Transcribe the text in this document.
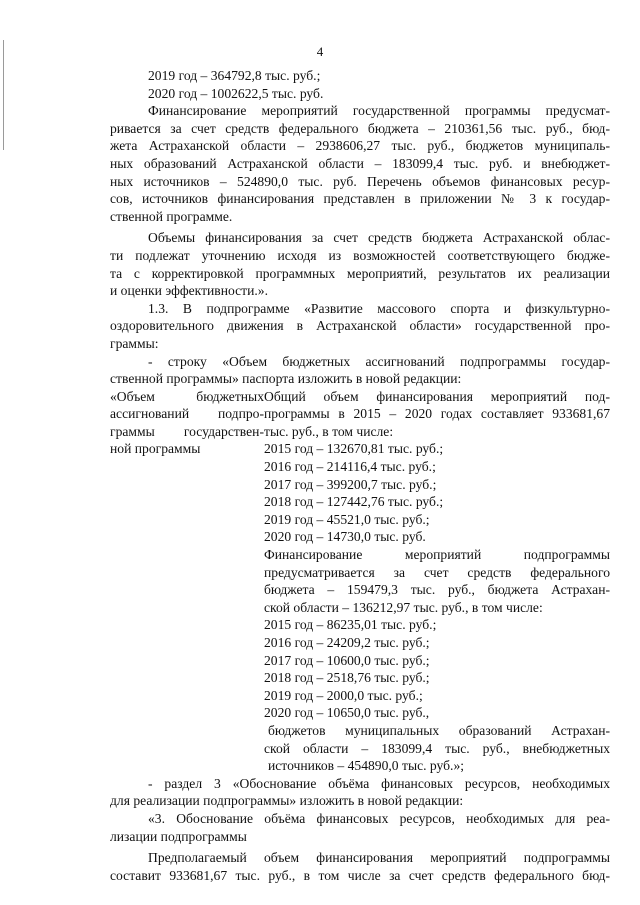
4
2019 год – 364792,8 тыс. руб.;
2020 год – 1002622,5 тыс. руб.
Финансирование мероприятий государственной программы предусмат-
ривается за счет средств федерального бюджета – 210361,56 тыс. руб., бюд-
жета Астраханской области – 2938606,27 тыс. руб., бюджетов муниципаль-
ных образований Астраханской области – 183099,4 тыс. руб. и внебюджет-
ных источников – 524890,0 тыс. руб. Перечень объемов финансовых ресур-
сов, источников финансирования представлен в приложении № 3 к государ-
ственной программе.
Объемы финансирования за счет средств бюджета Астраханской облас-
ти подлежат уточнению исходя из возможностей соответствующего бюдже-
та с корректировкой программных мероприятий, результатов их реализации
и оценки эффективности.».
1.3. В подпрограмме «Развитие массового спорта и физкультурно-
оздоровительного движения в Астраханской области» государственной про-
граммы:
- строку «Объем бюджетных ассигнований подпрограммы государ-
ственной программы» паспорта изложить в новой редакции:
«Объем бюджетных
ассигнований подпро-
граммы государствен-
ной программы
Общий объем финансирования мероприятий под-
программы в 2015 – 2020 годах составляет 933681,67
тыс. руб., в том числе:
2015 год – 132670,81 тыс. руб.;
2016 год – 214116,4 тыс. руб.;
2017 год – 399200,7 тыс. руб.;
2018 год – 127442,76 тыс. руб.;
2019 год – 45521,0 тыс. руб.;
2020 год – 14730,0 тыс. руб.
Финансирование мероприятий подпрограммы
предусматривается за счет средств федерального
бюджета – 159479,3 тыс. руб., бюджета Астрахан-
ской области – 136212,97 тыс. руб., в том числе:
2015 год – 86235,01 тыс. руб.;
2016 год – 24209,2 тыс. руб.;
2017 год – 10600,0 тыс. руб.;
2018 год – 2518,76 тыс. руб.;
2019 год – 2000,0 тыс. руб.;
2020 год – 10650,0 тыс. руб.,
бюджетов муниципальных образований Астрахан-
ской области – 183099,4 тыс. руб., внебюджетных
источников – 454890,0 тыс. руб.»;
- раздел 3 «Обоснование объёма финансовых ресурсов, необходимых
для реализации подпрограммы» изложить в новой редакции:
«3. Обоснование объёма финансовых ресурсов, необходимых для реа-
лизации подпрограммы
Предполагаемый объем финансирования мероприятий подпрограммы
составит 933681,67 тыс. руб., в том числе за счет средств федерального бюд-
